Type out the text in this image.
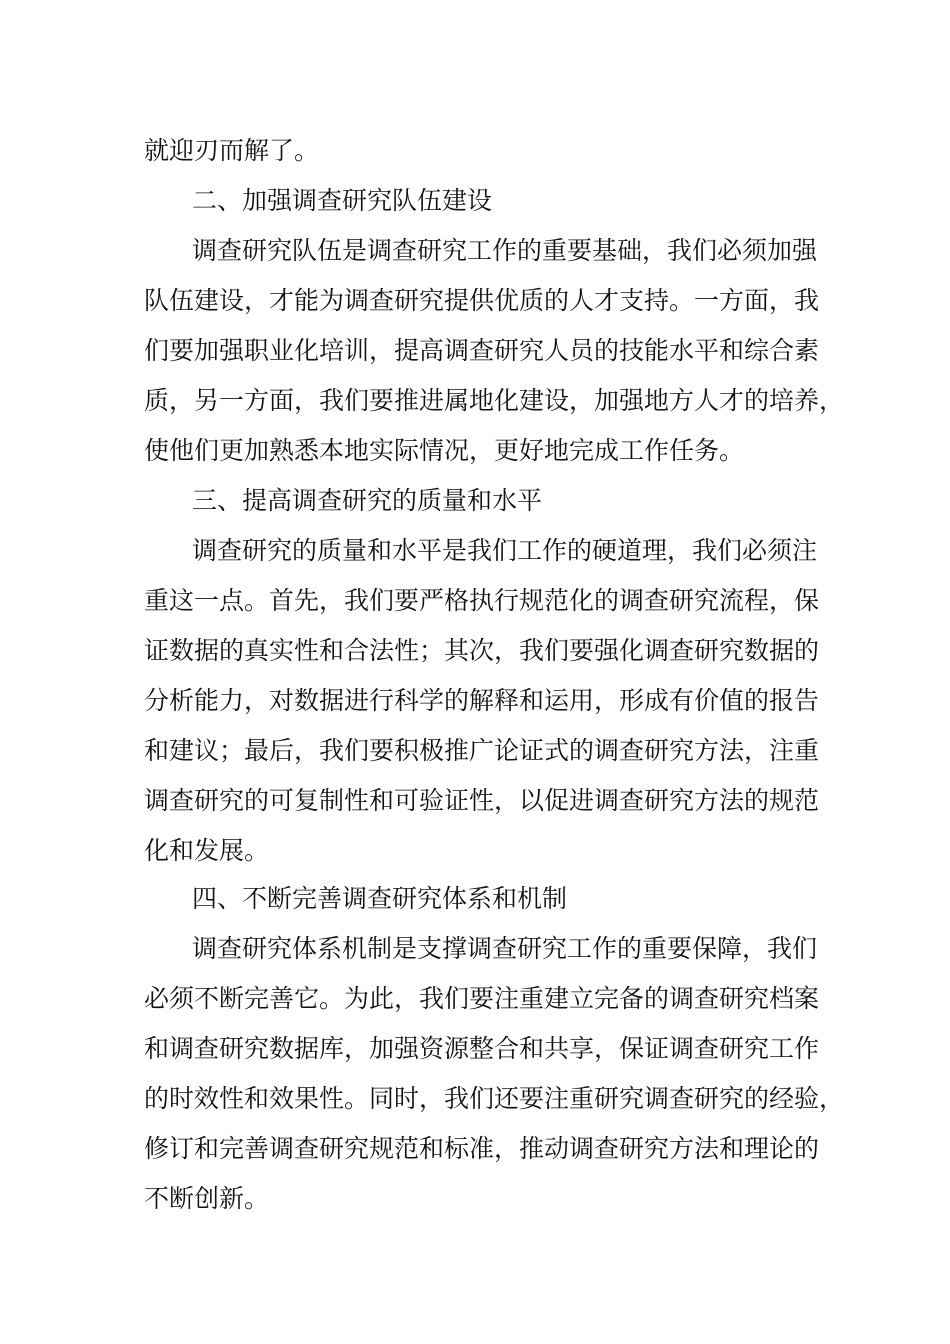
就迎刃而解了。
二、加强调查研究队伍建设
调查研究队伍是调查研究工作的重要基础，我们必须加强
队伍建设，才能为调查研究提供优质的人才支持。一方面，我
们要加强职业化培训，提高调查研究人员的技能水平和综合素
质，另一方面，我们要推进属地化建设，加强地方人才的培养，
使他们更加熟悉本地实际情况，更好地完成工作任务。
三、提高调查研究的质量和水平
调查研究的质量和水平是我们工作的硬道理，我们必须注
重这一点。首先，我们要严格执行规范化的调查研究流程，保
证数据的真实性和合法性；其次，我们要强化调查研究数据的
分析能力，对数据进行科学的解释和运用，形成有价值的报告
和建议；最后，我们要积极推广论证式的调查研究方法，注重
调查研究的可复制性和可验证性，以促进调查研究方法的规范
化和发展。
四、不断完善调查研究体系和机制
调查研究体系机制是支撑调查研究工作的重要保障，我们
必须不断完善它。为此，我们要注重建立完备的调查研究档案
和调查研究数据库，加强资源整合和共享，保证调查研究工作
的时效性和效果性。同时，我们还要注重研究调查研究的经验，
修订和完善调查研究规范和标准，推动调查研究方法和理论的
不断创新。
